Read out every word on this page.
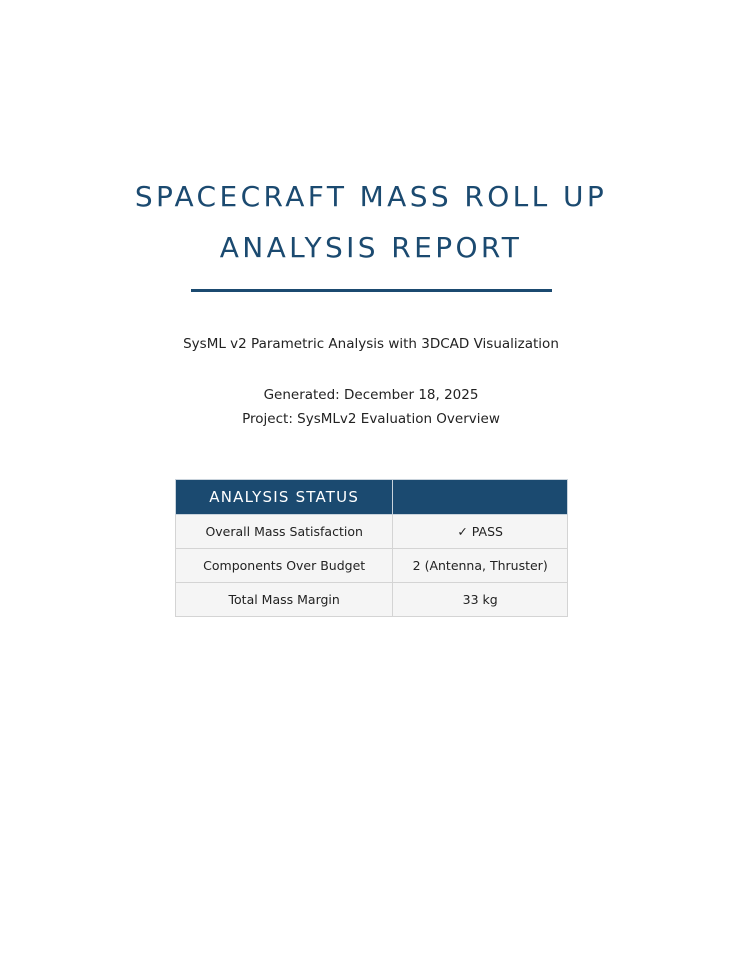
SPACECRAFT MASS ROLL UP
ANALYSIS REPORT
SysML v2 Parametric Analysis with 3DCAD Visualization
Generated: December 18, 2025
Project: SysMLv2 Evaluation Overview
ANALYSIS STATUS	
Overall Mass Satisfaction	✓ PASS
Components Over Budget	2 (Antenna, Thruster)
Total Mass Margin	33 kg
